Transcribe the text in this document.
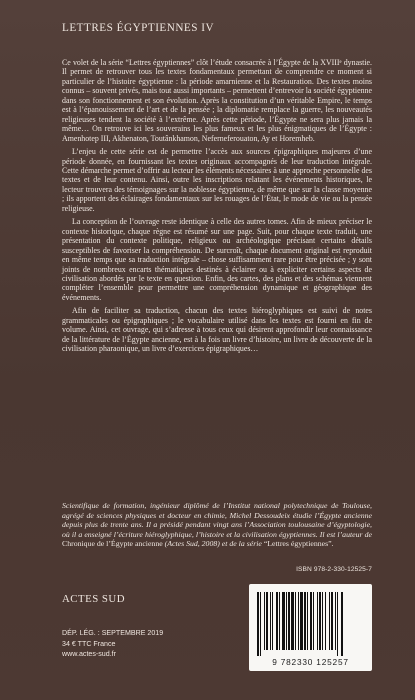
LETTRES ÉGYPTIENNES IV

Ce volet de la série “Lettres égyptiennes” clôt l’étude consacrée à l’Égypte de la XVIIIᵉ dynastie. Il permet de retrouver tous les textes fondamentaux permettant de comprendre ce moment si particulier de l’histoire égyptienne : la période amarnienne et la Restauration. Des textes moins connus – souvent privés, mais tout aussi importants – permettent d’entrevoir la société égyptienne dans son fonctionnement et son évolution. Après la constitution d’un véritable Empire, le temps est à l’épanouissement de l’art et de la pensée ; la diplomatie remplace la guerre, les nouveautés religieuses tendent la société à l’extrême. Après cette période, l’Égypte ne sera plus jamais la même… On retrouve ici les souverains les plus fameux et les plus énigmatiques de l’Égypte : Amenhotep III, Akhenaton, Toutânkhamon, Neferneferouaton, Ay et Horemheb.

L’enjeu de cette série est de permettre l’accès aux sources épigraphiques majeures d’une période donnée, en fournissant les textes originaux accompagnés de leur traduction intégrale. Cette démarche permet d’offrir au lecteur les éléments nécessaires à une approche personnelle des textes et de leur contenu. Ainsi, outre les inscriptions relatant les événements historiques, le lecteur trouvera des témoignages sur la noblesse égyptienne, de même que sur la classe moyenne ; ils apportent des éclairages fondamentaux sur les rouages de l’État, le mode de vie ou la pensée religieuse.

La conception de l’ouvrage reste identique à celle des autres tomes. Afin de mieux préciser le contexte historique, chaque règne est résumé sur une page. Suit, pour chaque texte traduit, une présentation du contexte politique, religieux ou archéologique précisant certains détails susceptibles de favoriser la compréhension. De surcroît, chaque document original est reproduit en même temps que sa traduction intégrale – chose suffisamment rare pour être précisée ; y sont joints de nombreux encarts thématiques destinés à éclairer ou à expliciter certains aspects de civilisation abordés par le texte en question. Enfin, des cartes, des plans et des schémas viennent compléter l’ensemble pour permettre une compréhension dynamique et géographique des événements.

Afin de faciliter sa traduction, chacun des textes hiéroglyphiques est suivi de notes grammaticales ou épigraphiques ; le vocabulaire utilisé dans les textes est fourni en fin de volume. Ainsi, cet ouvrage, qui s’adresse à tous ceux qui désirent approfondir leur connaissance de la littérature de l’Égypte ancienne, est à la fois un livre d’histoire, un livre de découverte de la civilisation pharaonique, un livre d’exercices épigraphiques…

Scientifique de formation, ingénieur diplômé de l’Institut national polytechnique de Toulouse, agrégé de sciences physiques et docteur en chimie, Michel Dessoudeix étudie l’Égypte ancienne depuis plus de trente ans. Il a présidé pendant vingt ans l’Association toulousaine d’égyptologie, où il a enseigné l’écriture hiéroglyphique, l’histoire et la civilisation égyptiennes. Il est l’auteur de Chronique de l’Égypte ancienne (Actes Sud, 2008) et de la série “Lettres égyptiennes”.
ISBN 978-2-330-12525-7
ACTES SUD
DÉP. LÉG. : SEPTEMBRE 2019
34 € TTC France
www.actes-sud.fr
9 782330 125257
